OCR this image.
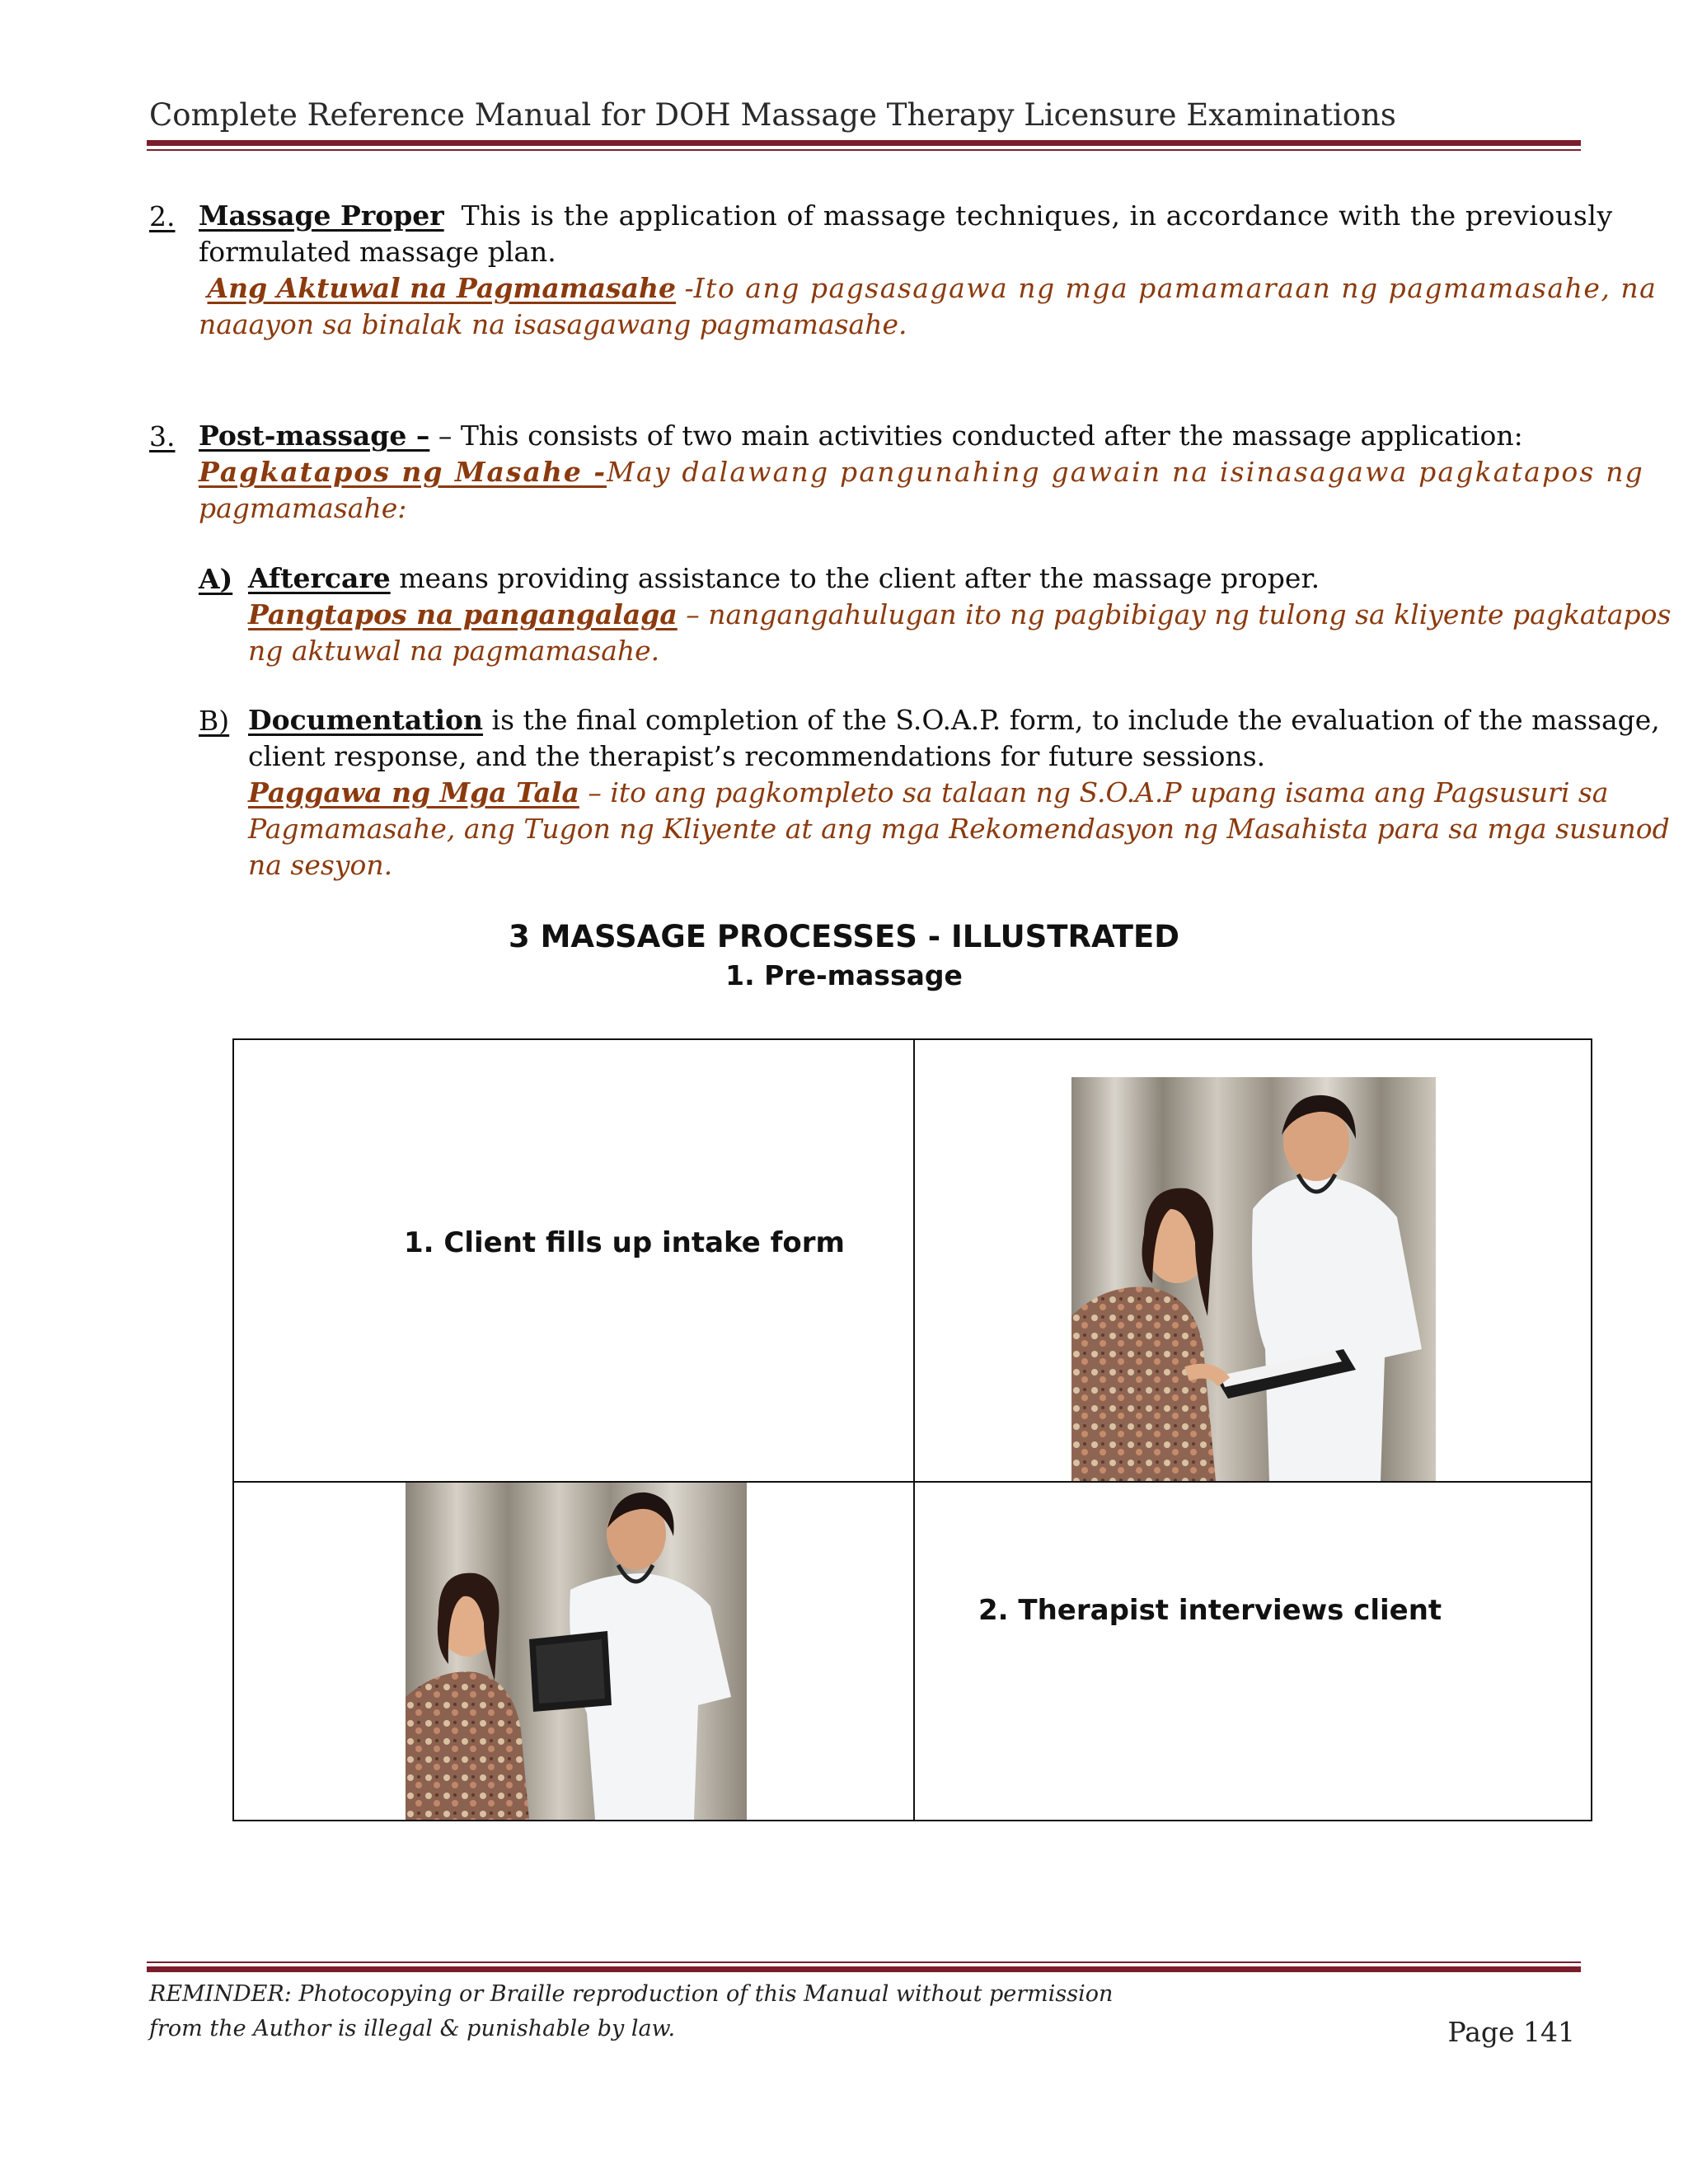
Complete Reference Manual for DOH Massage Therapy Licensure Examinations
2. Massage Proper This is the application of massage techniques, in accordance with the previously
formulated massage plan.
Ang Aktuwal na Pagmamasahe - Ito ang pagsasagawa ng mga pamamaraan ng pagmamasahe, na
naaayon sa binalak na isasagawang pagmamasahe.
3. Post-massage – – This consists of two main activities conducted after the massage application:
Pagkatapos ng Masahe - May dalawang pangunahing gawain na isinasagawa pagkatapos ng
pagmamasahe:
A) Aftercare means providing assistance to the client after the massage proper.
Pangtapos na pangangalaga – nangangahulugan ito ng pagbibigay ng tulong sa kliyente pagkatapos
ng aktuwal na pagmamasahe.
B) Documentation is the final completion of the S.O.A.P. form, to include the evaluation of the massage,
client response, and the therapist’s recommendations for future sessions.
Paggawa ng Mga Tala – ito ang pagkompleto sa talaan ng S.O.A.P upang isama ang Pagsusuri sa
Pagmamasahe, ang Tugon ng Kliyente at ang mga Rekomendasyon ng Masahista para sa mga susunod
na sesyon.
3 MASSAGE PROCESSES - ILLUSTRATED
1. Pre-massage
1. Client fills up intake form
2. Therapist interviews client
REMINDER: Photocopying or Braille reproduction of this Manual without permission
from the Author is illegal & punishable by law.	Page 141
